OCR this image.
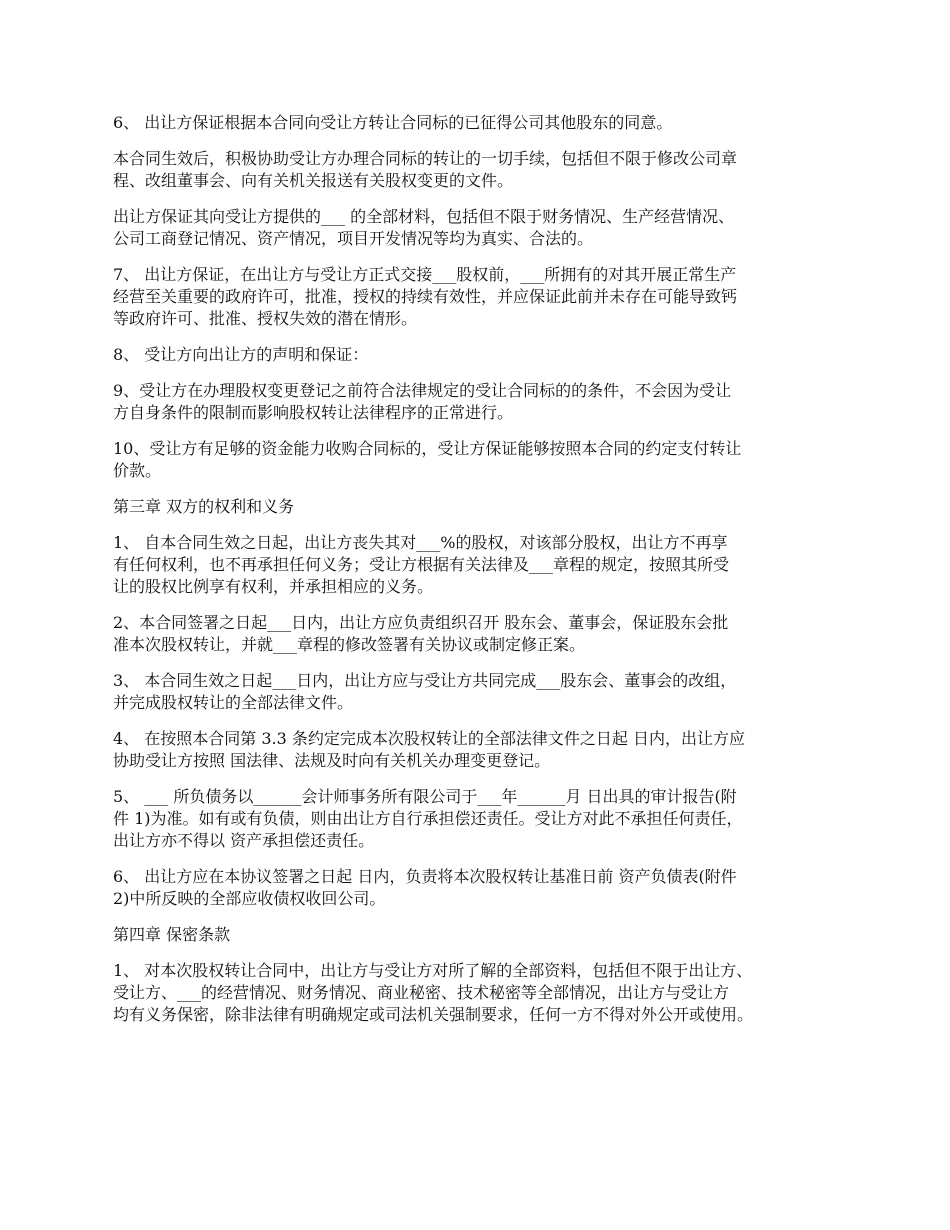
6、 出让方保证根据本合同向受让方转让合同标的已征得公司其他股东的同意。

本合同生效后，积极协助受让方办理合同标的转让的一切手续，包括但不限于修改公司章
程、改组董事会、向有关机关报送有关股权变更的文件。

出让方保证其向受让方提供的___ 的全部材料，包括但不限于财务情况、生产经营情况、
公司工商登记情况、资产情况，项目开发情况等均为真实、合法的。

7、 出让方保证，在出让方与受让方正式交接___股权前，___所拥有的对其开展正常生产
经营至关重要的政府许可，批准，授权的持续有效性，并应保证此前并未存在可能导致钙
等政府许可、批准、授权失效的潜在情形。

8、 受让方向出让方的声明和保证：

9、受让方在办理股权变更登记之前符合法律规定的受让合同标的的条件，不会因为受让
方自身条件的限制而影响股权转让法律程序的正常进行。

10、受让方有足够的资金能力收购合同标的，受让方保证能够按照本合同的约定支付转让
价款。

第三章 双方的权利和义务

1、 自本合同生效之日起，出让方丧失其对___%的股权，对该部分股权，出让方不再享
有任何权利，也不再承担任何义务；受让方根据有关法律及___章程的规定，按照其所受
让的股权比例享有权利，并承担相应的义务。

2、本合同签署之日起___日内，出让方应负责组织召开 股东会、董事会，保证股东会批
准本次股权转让，并就___章程的修改签署有关协议或制定修正案。

3、 本合同生效之日起___日内，出让方应与受让方共同完成___股东会、董事会的改组，
并完成股权转让的全部法律文件。

4、 在按照本合同第 3.3 条约定完成本次股权转让的全部法律文件之日起 日内，出让方应
协助受让方按照 国法律、法规及时向有关机关办理变更登记。

5、 ___ 所负债务以______会计师事务所有限公司于___年______月 日出具的审计报告(附
件 1)为准。如有或有负债，则由出让方自行承担偿还责任。受让方对此不承担任何责任，
出让方亦不得以 资产承担偿还责任。

6、 出让方应在本协议签署之日起 日内，负责将本次股权转让基准日前 资产负债表(附件
2)中所反映的全部应收债权收回公司。

第四章 保密条款

1、 对本次股权转让合同中，出让方与受让方对所了解的全部资料，包括但不限于出让方、
受让方、___的经营情况、财务情况、商业秘密、技术秘密等全部情况，出让方与受让方
均有义务保密，除非法律有明确规定或司法机关强制要求，任何一方不得对外公开或使用。
